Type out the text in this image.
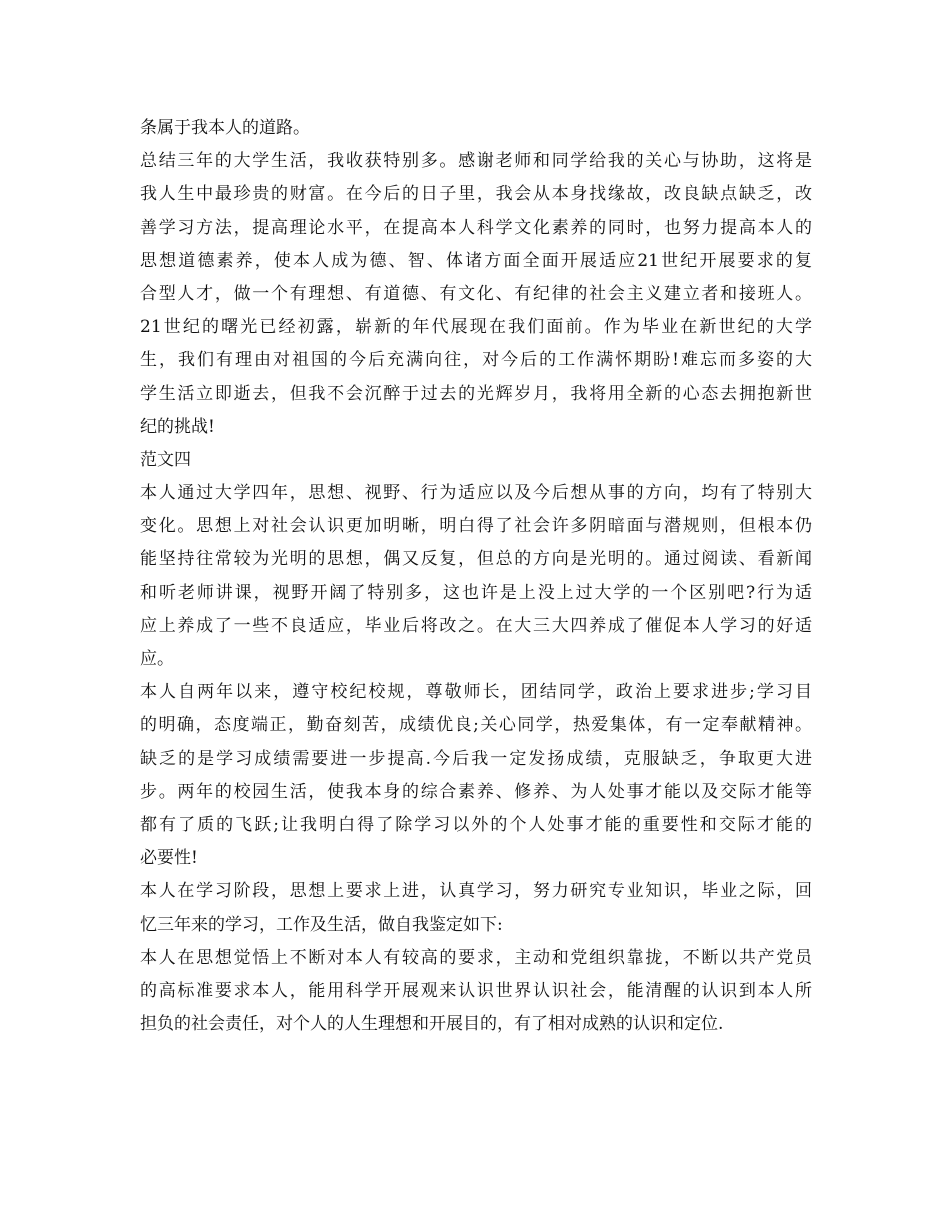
条属于我本人的道路。
总结三年的大学生活，我收获特别多。感谢老师和同学给我的关心与协助，这将是
我人生中最珍贵的财富。在今后的日子里，我会从本身找缘故，改良缺点缺乏，改
善学习方法，提高理论水平，在提高本人科学文化素养的同时，也努力提高本人的
思想道德素养，使本人成为德、智、体诸方面全面开展适应21世纪开展要求的复
合型人才，做一个有理想、有道德、有文化、有纪律的社会主义建立者和接班人。
21世纪的曙光已经初露，崭新的年代展现在我们面前。作为毕业在新世纪的大学
生，我们有理由对祖国的今后充满向往，对今后的工作满怀期盼!难忘而多姿的大
学生活立即逝去，但我不会沉醉于过去的光辉岁月，我将用全新的心态去拥抱新世
纪的挑战!
范文四
本人通过大学四年，思想、视野、行为适应以及今后想从事的方向，均有了特别大
变化。思想上对社会认识更加明晰，明白得了社会许多阴暗面与潜规则，但根本仍
能坚持往常较为光明的思想，偶又反复，但总的方向是光明的。通过阅读、看新闻
和听老师讲课，视野开阔了特别多，这也许是上没上过大学的一个区别吧?行为适
应上养成了一些不良适应，毕业后将改之。在大三大四养成了催促本人学习的好适
应。
本人自两年以来，遵守校纪校规，尊敬师长，团结同学，政治上要求进步;学习目
的明确，态度端正，勤奋刻苦，成绩优良;关心同学，热爱集体，有一定奉献精神。
缺乏的是学习成绩需要进一步提高.今后我一定发扬成绩，克服缺乏，争取更大进
步。两年的校园生活，使我本身的综合素养、修养、为人处事才能以及交际才能等
都有了质的飞跃;让我明白得了除学习以外的个人处事才能的重要性和交际才能的
必要性!
本人在学习阶段，思想上要求上进，认真学习，努力研究专业知识，毕业之际，回
忆三年来的学习，工作及生活，做自我鉴定如下:
本人在思想觉悟上不断对本人有较高的要求，主动和党组织靠拢，不断以共产党员
的高标准要求本人，能用科学开展观来认识世界认识社会，能清醒的认识到本人所
担负的社会责任，对个人的人生理想和开展目的，有了相对成熟的认识和定位.
